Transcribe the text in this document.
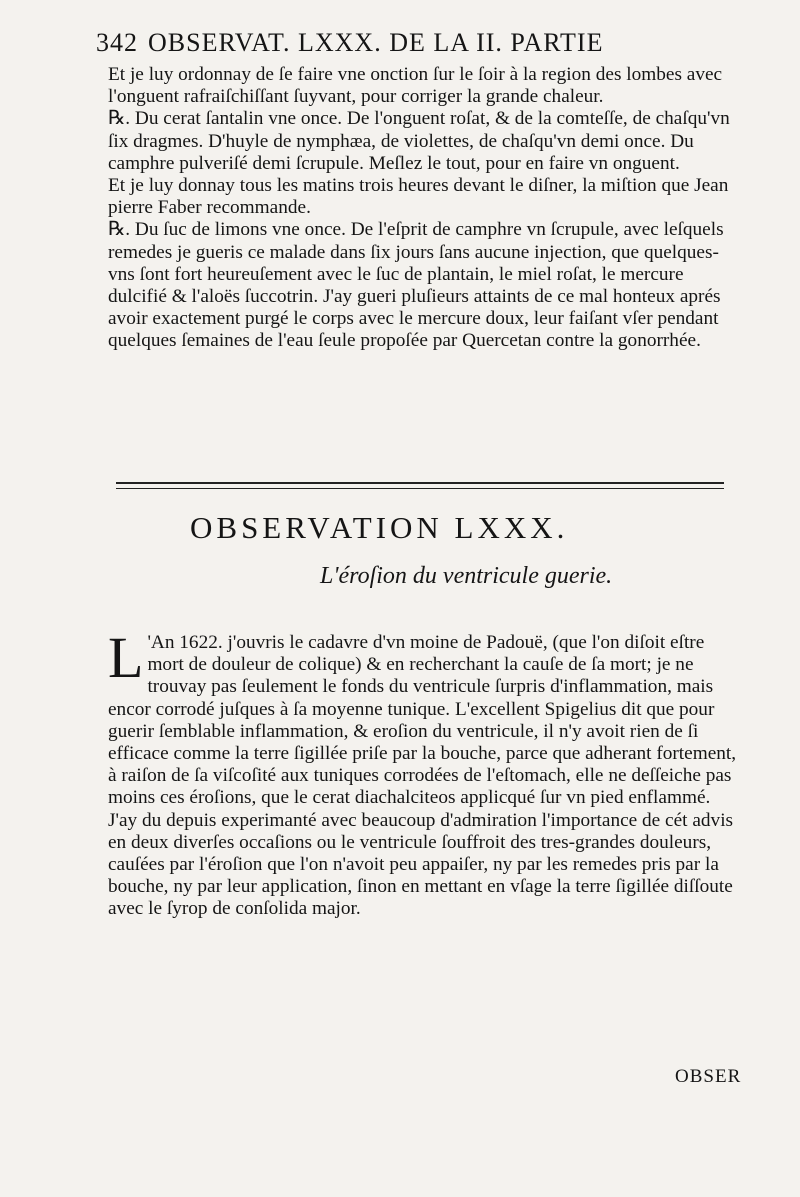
342 OBSERVAT. LXXX. DE LA II. PARTIE

Et je luy ordonnay de ſe faire vne onction ſur le ſoir à la region des lombes avec l'onguent rafraiſchiſſant ſuyvant, pour corriger la grande chaleur.

℞. Du cerat ſantalin vne once. De l'onguent roſat, & de la comteſſe, de chaſqu'vn ſix dragmes. D'huyle de nymphæa, de violettes, de chaſqu'vn demi once. Du camphre pulveriſé demi ſcrupule. Meſlez le tout, pour en faire vn onguent.

Et je luy donnay tous les matins trois heures devant le diſner, la miſtion que Jean pierre Faber recommande.

℞. Du ſuc de limons vne once. De l'eſprit de camphre vn ſcrupule, avec leſquels remedes je gueris ce malade dans ſix jours ſans aucune injection, que quelques-vns ſont fort heureuſement avec le ſuc de plantain, le miel roſat, le mercure dulcifié & l'aloës ſuccotrin. J'ay gueri pluſieurs attaints de ce mal honteux aprés avoir exactement purgé le corps avec le mercure doux, leur faiſant vſer pendant quelques ſemaines de l'eau ſeule propoſée par Quercetan contre la gonorrhée.

OBSERVATION LXXX.
L'éroſion du ventricule guerie.
L 'An 1622. j'ouvris le cadavre d'vn moine de Padouë, (que l'on diſoit eſtre mort de douleur de colique) & en recherchant la cauſe de ſa mort; je ne trouvay pas ſeulement le fonds du ventricule ſurpris d'inflammation, mais encor corrodé juſques à ſa moyenne tunique. L'excellent Spigelius dit que pour guerir ſemblable inflammation, & eroſion du ventricule, il n'y avoit rien de ſi efficace comme la terre ſigillée priſe par la bouche, parce que adherant fortement, à raiſon de ſa viſcoſité aux tuniques corrodées de l'eſtomach, elle ne deſſeiche pas moins ces éroſions, que le cerat diachalciteos applicqué ſur vn pied enflammé. J'ay du depuis experimanté avec beaucoup d'admiration l'importance de cét advis en deux diverſes occaſions ou le ventricule ſouffroit des tres-grandes douleurs, cauſées par l'éroſion que l'on n'avoit peu appaiſer, ny par les remedes pris par la bouche, ny par leur application, ſinon en mettant en vſage la terre ſigillée diſſoute avec le ſyrop de conſolida major.
OBSER
